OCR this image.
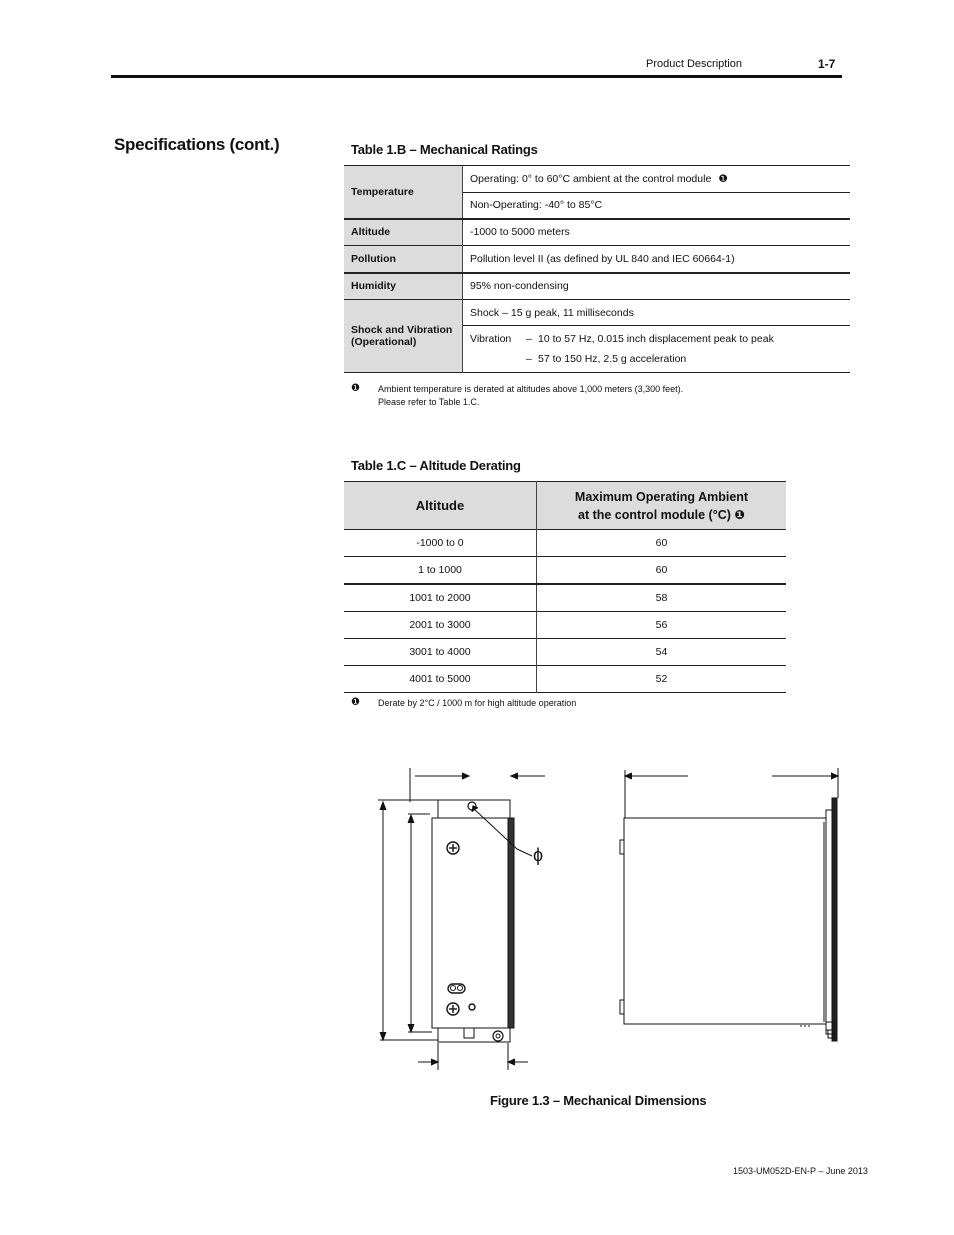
Product Description	1-7
Specifications (cont.)	Table 1.B – Mechanical Ratings
Temperature	Operating: 0° to 60°C ambient at the control module ❶
	Non-Operating: -40° to 85°C
Altitude	-1000 to 5000 meters
Pollution	Pollution level II (as defined by UL 840 and IEC 60664-1)
Humidity	95% non-condensing

Shock and Vibration
(Operational)	Shock – 15 g peak, 11 milliseconds

	Vibration – 10 to 57 Hz, 0.015 inch displacement peak to peak
– 57 to 150 Hz, 2.5 g acceleration
❶ Ambient temperature is derated at altitudes above 1,000 meters (3,300 feet).
Please refer to Table 1.C.
Table 1.C – Altitude Derating
Altitude	Maximum Operating Ambient
at the control module (°C) ❶

-1000 to 0	60
1 to 1000	60
1001 to 2000	58
2001 to 3000	56
3001 to 4000	54
4001 to 5000	52
❶ Derate by 2°C / 1000 m for high altitude operation
ϕ
Figure 1.3 – Mechanical Dimensions
1503-UM052D-EN-P – June 2013
